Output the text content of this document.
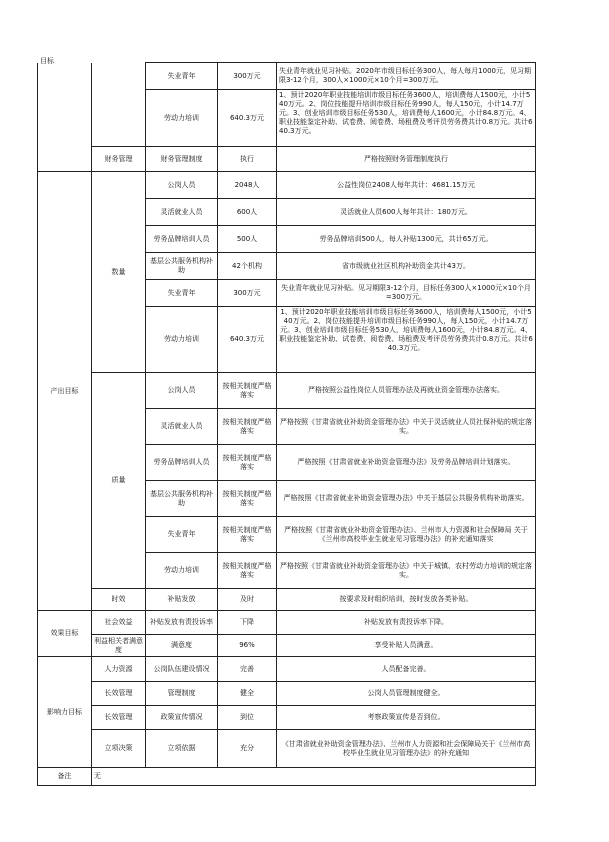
目标		失业青年	300万元	失业青年就业见习补贴。2020年市级目标任务300人，每人每月1000元，见习期限3-12个月，300人×1000元×10个月=300万元。
		劳动力培训	640.3万元	1、预计2020年职业技能培训市级目标任务3600人，培训费每人1500元，小计540万元。2、岗位技能提升培训市级目标任务990人，每人150元，小计14.7万元。3、创业培训市级目标任务530人，培训费每人1600元，小计84.8万元。4、职业技能鉴定补助、试卷费、阅卷费、场租费及考评员劳务费共计0.8万元。共计640.3万元。

	财务管理	财务管理制度	执行	严格按照财务管理制度执行
产出目标	数量	公岗人员	2048人	公益性岗位2408人每年共计：4681.15万元
		灵活就业人员	600人	灵活就业人员600人每年共计：180万元。
		劳务品牌培训人员	500人	劳务品牌培训500人，每人补贴1300元，共计65万元。
		基层公共服务机构补助	42个机构	省市级就业社区机构补助资金共计43万。
		失业青年	300万元	失业青年就业见习补贴。见习期限3-12个月，目标任务300人×1000元×10个月=300万元。
		劳动力培训	640.3万元	1、预计2020年职业技能培训市级目标任务3600人，培训费每人1500元，小计540万元。2、岗位技能提升培训市级目标任务990人，每人150元，小计14.7万元。3、创业培训市级目标任务530人，培训费每人1600元，小计84.8万元。4、职业技能鉴定补助、试卷费、阅卷费、场租费及考评员劳务费共计0.8万元。共计640.3万元。

	质量	公岗人员	按相关制度严格落实	严格按照公益性岗位人员管理办法及再就业资金管理办法落实。
		灵活就业人员	按相关制度严格落实	严格按照《甘肃省就业补助资金管理办法》中关于灵活就业人员社保补贴的规定落实。
		劳务品牌培训人员	按相关制度严格落实	严格按照《甘肃省就业补助资金管理办法》及劳务品牌培训计划落实。
		基层公共服务机构补助	按相关制度严格落实	严格按照《甘肃省就业补助资金管理办法》中关于基层公共服务机构补助落实。
		失业青年	按相关制度严格落实	严格按照《甘肃省就业补助资金管理办法》、兰州市人力资源和社会保障局 关于《兰州市高校毕业生就业见习管理办法》的补充通知落实
		劳动力培训	按相关制度严格落实	严格按照《甘肃省就业补助资金管理办法》中关于城镇、农村劳动力培训的规定落实。
	时效	补贴发放	及时	按要求及时组织培训，按时发放各类补贴。
效果目标	社会效益	补贴发放有责投诉率	下降	补贴发放有责投诉率下降。
	利益相关者满意度	满意度	96%	享受补贴人员满意。
影响力目标	人力资源	公岗队伍建设情况	完善	人员配备完善。
	长效管理	管理制度	健全	公岗人员管理制度健全。
	长效管理	政策宣传情况	到位	考察政策宣传是否到位。
	立项决策	立项依据	充分	《甘肃省就业补助资金管理办法》、兰州市人力资源和社会保障局关于《兰州市高校毕业生就业见习管理办法》的补充通知
备注	无			
